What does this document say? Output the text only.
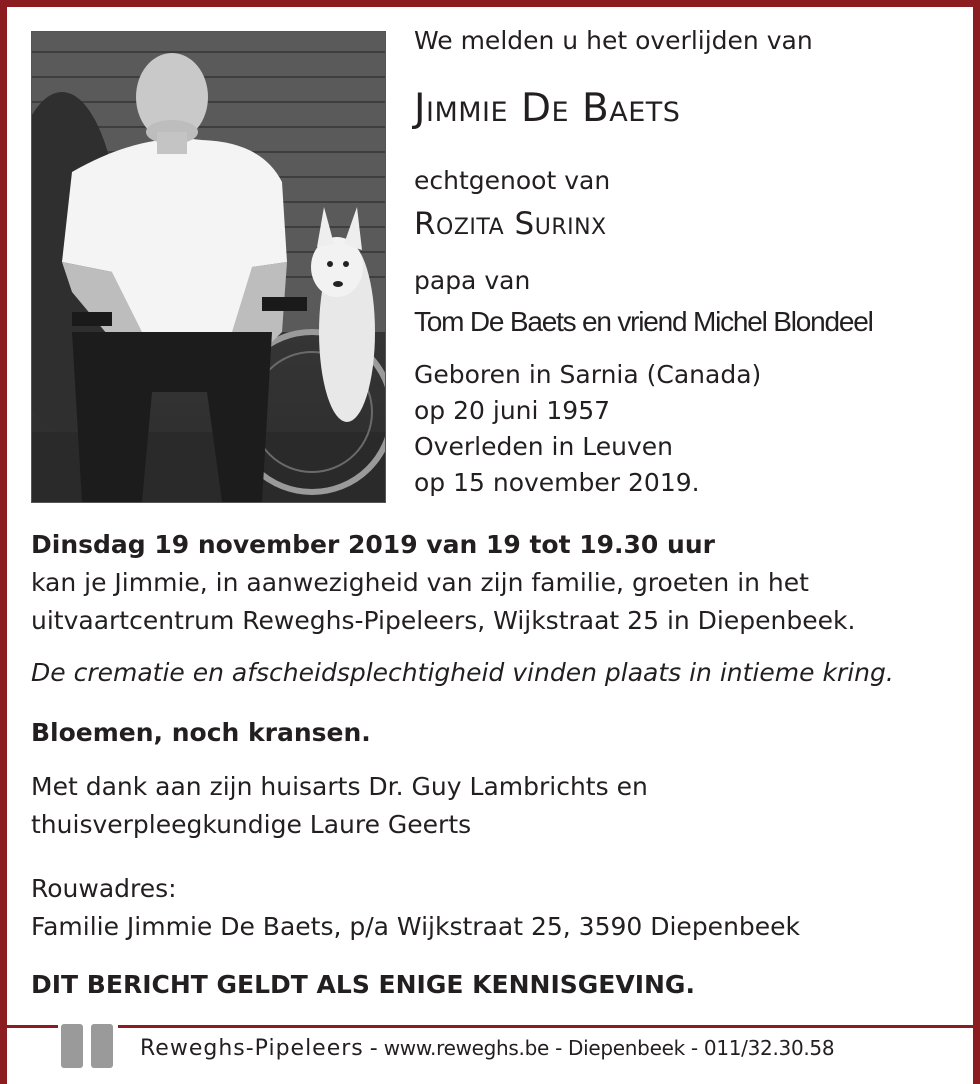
We melden u het overlijden van
Jimmie De Baets
echtgenoot van
Rozita Surinx
papa van
Tom De Baets en vriend Michel Blondeel
Geboren in Sarnia (Canada)
op 20 juni 1957
Overleden in Leuven
op 15 november 2019.
Dinsdag 19 november 2019 van 19 tot 19.30 uur
kan je Jimmie, in aanwezigheid van zijn familie, groeten in het
uitvaartcentrum Reweghs-Pipeleers, Wijkstraat 25 in Diepenbeek.
De crematie en afscheidsplechtigheid vinden plaats in intieme kring.
Bloemen, noch kransen.
Met dank aan zijn huisarts Dr. Guy Lambrichts en
thuisverpleegkundige Laure Geerts
Rouwadres:
Familie Jimmie De Baets, p/a Wijkstraat 25, 3590 Diepenbeek
DIT BERICHT GELDT ALS ENIGE KENNISGEVING.
Reweghs-Pipeleers - www.reweghs.be - Diepenbeek - 011/32.30.58
